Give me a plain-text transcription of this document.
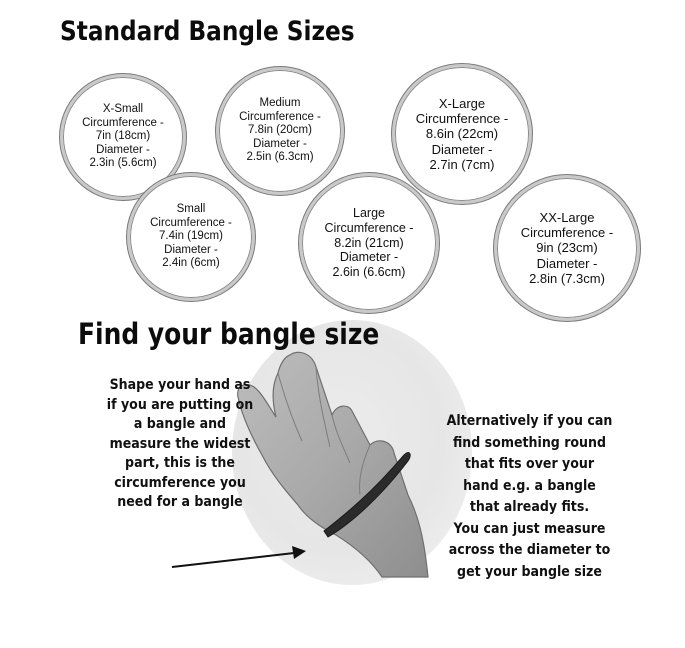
Standard Bangle Sizes
X-Small
Circumference -
7in (18cm)
Diameter -
2.3in (5.6cm)
Medium
Circumference -
7.8in (20cm)
Diameter -
2.5in (6.3cm)
X-Large
Circumference -
8.6in (22cm)
Diameter -
2.7in (7cm)
Small
Circumference -
7.4in (19cm)
Diameter -
2.4in (6cm)
Large
Circumference -
8.2in (21cm)
Diameter -
2.6in (6.6cm)
XX-Large
Circumference -
9in (23cm)
Diameter -
2.8in (7.3cm)
Find your bangle size
Shape your hand as
if you are putting on
a bangle and
measure the widest
part, this is the
circumference you
need for a bangle
Alternatively if you can
find something round
that fits over your
hand e.g. a bangle
that already fits.
You can just measure
across the diameter to
get your bangle size
